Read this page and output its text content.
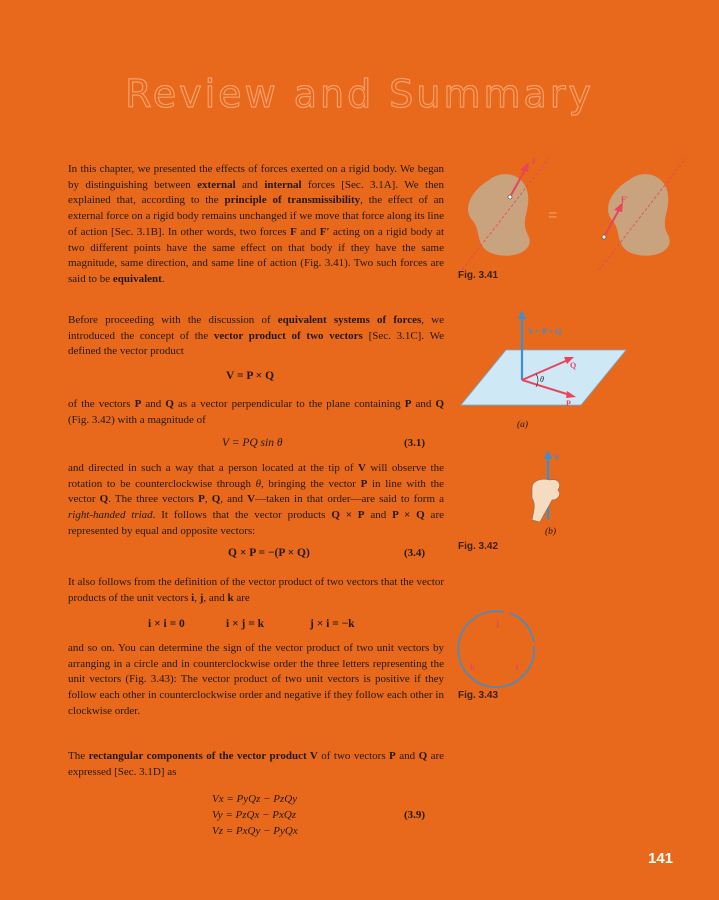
Review and Summary

In this chapter, we presented the effects of forces exerted on a rigid body. We began by distinguishing between external and internal forces [Sec. 3.1A]. We then explained that, according to the principle of transmissibility, the effect of an external force on a rigid body remains unchanged if we move that force along its line of action [Sec. 3.1B]. In other words, two forces F and F′ acting on a rigid body at two different points have the same effect on that body if they have the same magnitude, same direction, and same line of action (Fig. 3.41). Two such forces are said to be equivalent.

Before proceeding with the discussion of equivalent systems of forces, we introduced the concept of the vector product of two vectors [Sec. 3.1C]. We defined the vector product

V = P × Q

of the vectors P and Q as a vector perpendicular to the plane containing P and Q (Fig. 3.42) with a magnitude of

V = PQ sin θ	(3.1)

and directed in such a way that a person located at the tip of V will observe the rotation to be counterclockwise through θ, bringing the vector P in line with the vector Q. The three vectors P, Q, and V—taken in that order—are said to form a right-handed triad. It follows that the vector products Q × P and P × Q are represented by equal and opposite vectors:

Q × P = −(P × Q)	(3.4)

It also follows from the definition of the vector product of two vectors that the vector products of the unit vectors i, j, and k are

i × i = 0	i × j = k	j × i = −k

and so on. You can determine the sign of the vector product of two unit vectors by arranging in a circle and in counterclockwise order the three letters representing the unit vectors (Fig. 3.43): The vector product of two unit vectors is positive if they follow each other in counterclockwise order and negative if they follow each other in clockwise order.

The rectangular components of the vector product V of two vectors P and Q are expressed [Sec. 3.1D] as

Vx = PyQz − PzQy
Vy = PzQx − PxQz
Vz = PxQy − PyQx
(3.9)
F
F′
=
Fig. 3.41
V = P × Q
Q
P
θ
(a)
V
(b)
Fig. 3.42
j
k	i
Fig. 3.43
141
